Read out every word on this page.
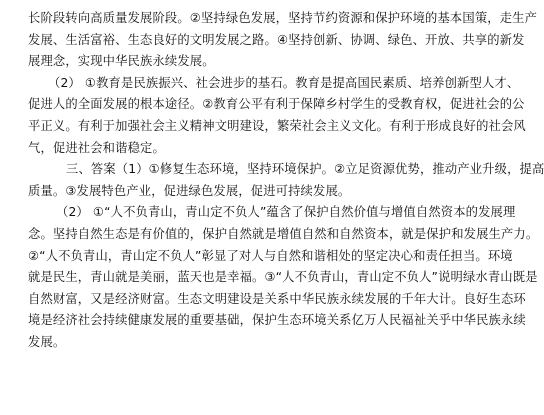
长阶段转向高质量发展阶段。②坚持绿色发展，坚持节约资源和保护环境的基本国策，走生产
发展、生活富裕、生态良好的文明发展之路。④坚持创新、协调、绿色、开放、共享的新发
展理念，实现中华民族永续发展。
（2） ①教育是民族振兴、社会进步的基石。教育是提高国民素质、培养创新型人才、
促进人的全面发展的根本途径。②教育公平有利于保障乡村学生的受教育权，促进社会的公
平正义。有利于加强社会主义精神文明建设，繁荣社会主义文化。有利于形成良好的社会风
气，促进社会和谐稳定。
三、答案（1）①修复生态环境，坚持环境保护。②立足资源优势，推动产业升级，提高
质量。③发展特色产业，促进绿色发展，促进可持续发展。
（2） ①“人不负青山，青山定不负人”蕴含了保护自然价值与增值自然资本的发展理
念。坚持自然生态是有价值的，保护自然就是增值自然和自然资本，就是保护和发展生产力。
②“人不负青山，青山定不负人”彰显了对人与自然和谐相处的坚定决心和责任担当。环境
就是民生，青山就是美丽，蓝天也是幸福。③“人不负青山，青山定不负人”说明绿水青山既是
自然财富，又是经济财富。生态文明建设是关系中华民族永续发展的千年大计。良好生态环
境是经济社会持续健康发展的重要基础，保护生态环境关系亿万人民福祉关乎中华民族永续
发展。
